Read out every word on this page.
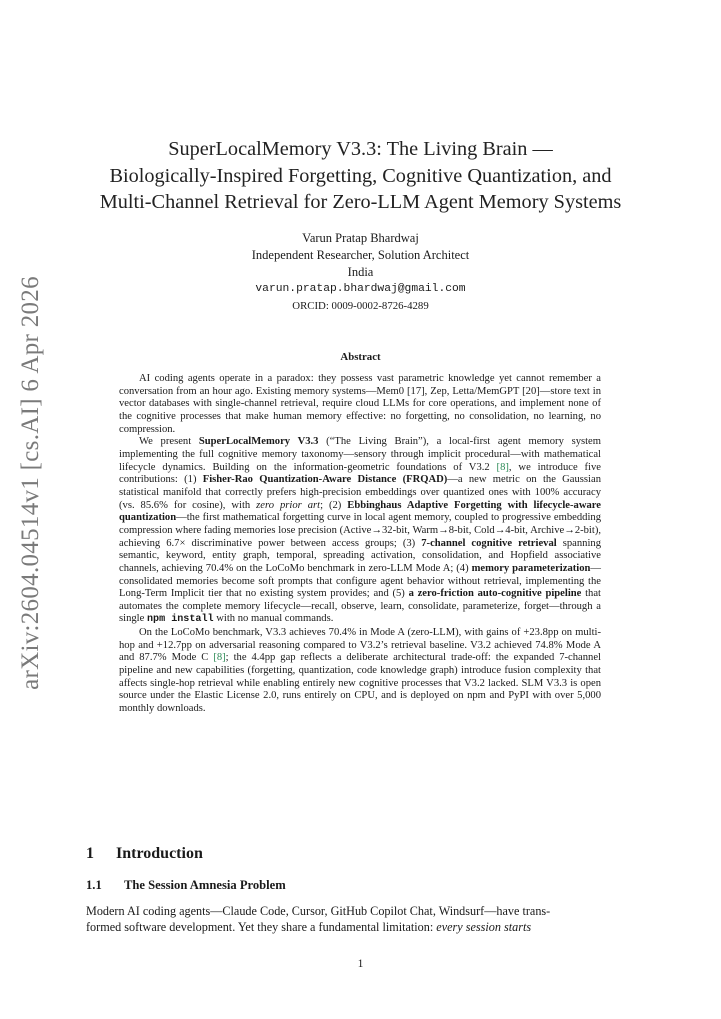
arXiv:2604.04514v1 [cs.AI] 6 Apr 2026
SuperLocalMemory V3.3: The Living Brain —
Biologically-Inspired Forgetting, Cognitive Quantization, and
Multi-Channel Retrieval for Zero-LLM Agent Memory Systems
Varun Pratap Bhardwaj
Independent Researcher, Solution Architect
India
varun.pratap.bhardwaj@gmail.com
ORCID: 0009-0002-8726-4289
Abstract

AI coding agents operate in a paradox: they possess vast parametric knowledge yet cannot remember a conversation from an hour ago. Existing memory systems—Mem0 [17], Zep, Letta/MemGPT [20]—store text in vector databases with single-channel retrieval, require cloud LLMs for core operations, and implement none of the cognitive processes that make human memory effective: no forgetting, no consolidation, no learning, no compression.

We present SuperLocalMemory V3.3 (“The Living Brain”), a local-first agent memory system implementing the full cognitive memory taxonomy—sensory through implicit procedural—with mathematical lifecycle dynamics. Building on the information-geometric foundations of V3.2 [8], we introduce five contributions: (1) Fisher-Rao Quantization-Aware Distance (FRQAD)—a new metric on the Gaussian statistical manifold that correctly prefers high-precision embeddings over quantized ones with 100% accuracy (vs. 85.6% for cosine), with zero prior art; (2) Ebbinghaus Adaptive Forgetting with lifecycle-aware quantization—the first mathematical forgetting curve in local agent memory, coupled to progressive embedding compression where fading memories lose precision (Active→32-bit, Warm→8-bit, Cold→4-bit, Archive→2-bit), achieving 6.7× discriminative power between access groups; (3) 7-channel cognitive retrieval spanning semantic, keyword, entity graph, temporal, spreading activation, consolidation, and Hopfield associative channels, achieving 70.4% on the LoCoMo benchmark in zero-LLM Mode A; (4) memory parameterization—consolidated memories become soft prompts that configure agent behavior without retrieval, implementing the Long-Term Implicit tier that no existing system provides; and (5) a zero-friction auto-cognitive pipeline that automates the complete memory lifecycle—recall, observe, learn, consolidate, parameterize, forget—through a single npm install with no manual commands.

On the LoCoMo benchmark, V3.3 achieves 70.4% in Mode A (zero-LLM), with gains of +23.8pp on multi-hop and +12.7pp on adversarial reasoning compared to V3.2’s retrieval baseline. V3.2 achieved 74.8% Mode A and 87.7% Mode C [8]; the 4.4pp gap reflects a deliberate architectural trade-off: the expanded 7-channel pipeline and new capabilities (forgetting, quantization, code knowledge graph) introduce fusion complexity that affects single-hop retrieval while enabling entirely new cognitive processes that V3.2 lacked. SLM V3.3 is open source under the Elastic License 2.0, runs entirely on CPU, and is deployed on npm and PyPI with over 5,000 monthly downloads.

1 Introduction
1.1 The Session Amnesia Problem
Modern AI coding agents—Claude Code, Cursor, GitHub Copilot Chat, Windsurf—have trans-
formed software development. Yet they share a fundamental limitation: every session starts
1
